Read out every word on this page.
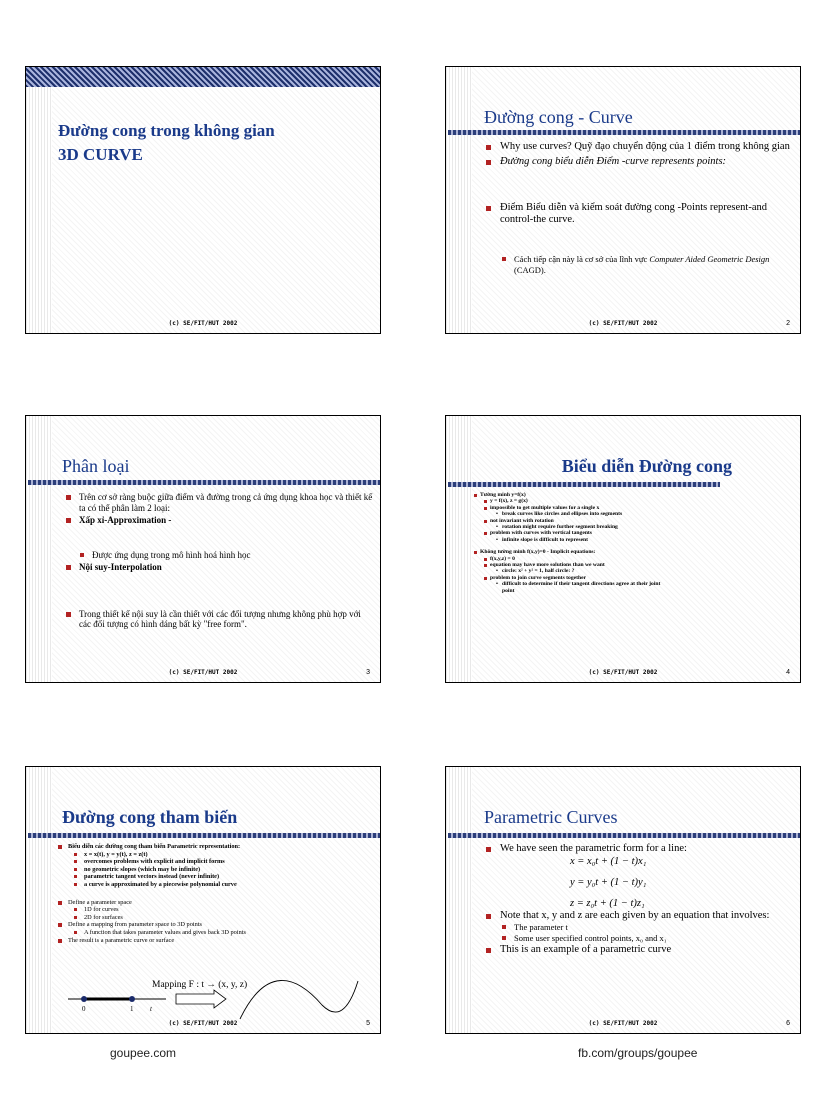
Đường cong trong không gian
3D CURVE
(c) SE/FIT/HUT 2002
Đường cong - Curve
Why use curves? Quỹ đạo chuyển động của 1 điểm trong không gian
Đường cong biểu diễn Điểm -curve represents points:
Điểm Biểu diễn và kiểm soát đường cong -Points represent-and control-the curve.
Cách tiếp cận này là cơ sở của lĩnh vực Computer Aided Geometric Design (CAGD).
(c) SE/FIT/HUT 2002	2
Phân loại
Trên cơ sở ràng buộc giữa điểm và đường trong cả ứng dụng khoa học và thiết kế ta có thể phân làm 2 loại:
Xấp xỉ-Approximation -
Được ứng dụng trong mô hình hoá hình học
Nội suy-Interpolation
Trong thiết kế nội suy là cần thiết với các đối tượng nhưng không phù hợp với các đối tượng có hình dáng bất kỳ "free form".
(c) SE/FIT/HUT 2002	3
Biểu diễn Đường cong
Tường minh y=f(x)
y = f(x), z = g(x)
impossible to get multiple values for a single x
• break curves like circles and ellipses into segments
not invariant with rotation
• rotation might require further segment breaking
problem with curves with vertical tangents
• infinite slope is difficult to represent
Không tường minh f(x,y)=0 - Implicit equations:
f(x,y,z) = 0
equation may have more solutions than we want
• circle: x² + y² = 1, half circle: ?
problem to join curve segments together
• difficult to determine if their tangent directions agree at their joint point
(c) SE/FIT/HUT 2002	4
Đường cong tham biến
Biểu diễn các đường cong tham biến Parametric representation:
x = x(t), y = y(t), z = z(t)
overcomes problems with explicit and implicit forms
no geometric slopes (which may be infinite)
parametric tangent vectors instead (never infinite)
a curve is approximated by a piecewise polynomial curve
Define a parameter space
1D for curves
2D for surfaces
Define a mapping from parameter space to 3D points
A function that takes parameter values and gives back 3D points
The result is a parametric curve or surface
0	1 t
Mapping F : t → (x, y, z)
(c) SE/FIT/HUT 2002	5
Parametric Curves
We have seen the parametric form for a line:
x = x₀t + (1 − t)x₁
y = y₀t + (1 − t)y₁
z = z₀t + (1 − t)z₁
Note that x, y and z are each given by an equation that involves:
The parameter t
Some user specified control points, x₀ and x₁
This is an example of a parametric curve
(c) SE/FIT/HUT 2002	6
goupee.com	fb.com/groups/goupee
